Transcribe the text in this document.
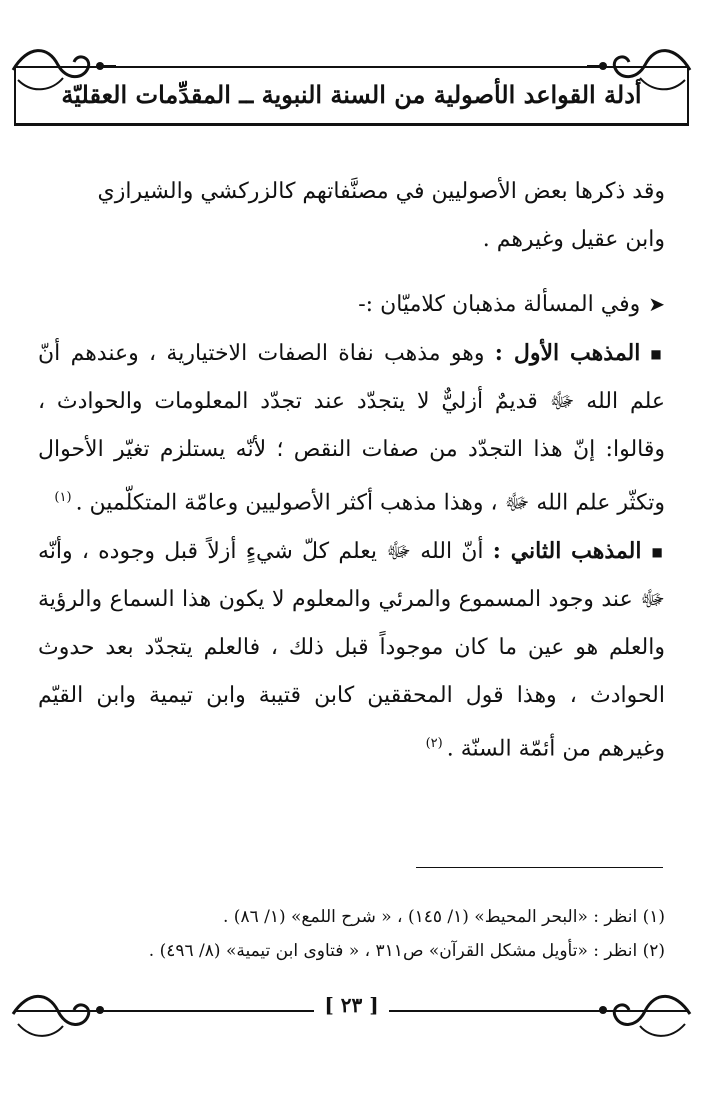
أدلة القواعد الأصولية من السنة النبوية ــ المقدِّمات العقليّة

وقد ذكرها بعض الأصوليين في مصنَّفاتهم كالزركشي والشيرازي
وابن عقيل وغيرهم .

➤وفي المسألة مذهبان كلاميّان :-

■المذهب الأول : وهو مذهب نفاة الصفات الاختيارية ، وعندهم أنّ علم الله ﷻ قديمٌ أزليٌّ لا يتجدّد عند تجدّد المعلومات والحوادث ، وقالوا: إنّ هذا التجدّد من صفات النقص ؛ لأنّه يستلزم تغيّر الأحوال وتكثّر علم الله ﷻ ، وهذا مذهب أكثر الأصوليين وعامّة المتكلّمين .$^{(١)}$

■المذهب الثاني : أنّ الله ﷻ يعلم كلّ شيءٍ أزلاً قبل وجوده ، وأنّه ﷻ عند وجود المسموع والمرئي والمعلوم لا يكون هذا السماع والرؤية والعلم هو عين ما كان موجوداً قبل ذلك ، فالعلم يتجدّد بعد حدوث الحوادث ، وهذا قول المحققين كابن قتيبة وابن تيمية وابن القيّم وغيرهم من أئمّة السنّة .$^{(٢)}$

(١) انظر : «البحر المحيط» (١/ ١٤٥) ، « شرح اللمع» (١/ ٨٦) .

(٢) انظر : «تأويل مشكل القرآن» ص٣١١ ، « فتاوى ابن تيمية» (٨/ ٤٩٦) .

[ ٢٣ ]
